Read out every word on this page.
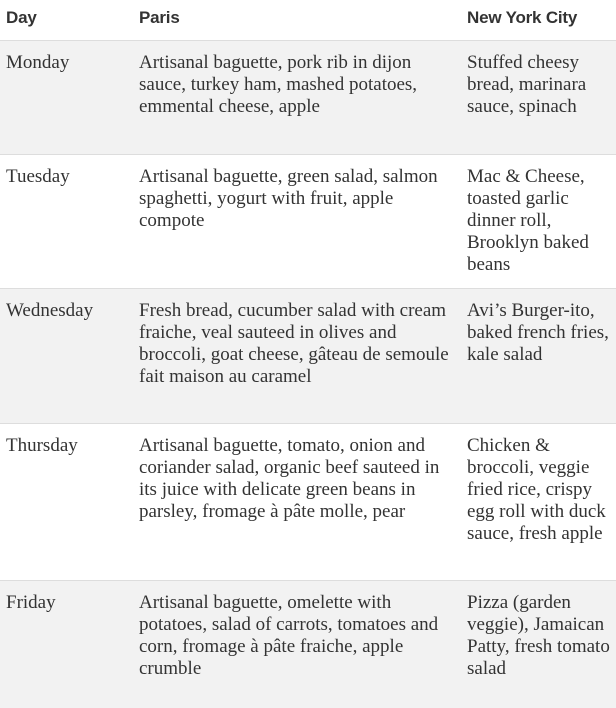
Day	Paris	New York City
Monday	Artisanal baguette, pork rib in dijon sauce, turkey ham, mashed potatoes, emmental cheese, apple	Stuffed cheesy bread, marinara sauce, spinach
Tuesday	Artisanal baguette, green salad, salmon spaghetti, yogurt with fruit, apple compote	Mac & Cheese, toasted garlic dinner roll, Brooklyn baked beans
Wednesday	Fresh bread, cucumber salad with cream fraiche, veal sauteed in olives and broccoli, goat cheese, gâteau de semoule fait maison au caramel	Avi’s Burger-ito, baked french fries, kale salad
Thursday	Artisanal baguette, tomato, onion and coriander salad, organic beef sauteed in its juice with delicate green beans in parsley, fromage à pâte molle, pear	Chicken & broccoli, veggie fried rice, crispy egg roll with duck sauce, fresh apple
Friday	Artisanal baguette, omelette with potatoes, salad of carrots, tomatoes and corn, fromage à pâte fraiche, apple crumble	Pizza (garden veggie), Jamaican Patty, fresh tomato salad
